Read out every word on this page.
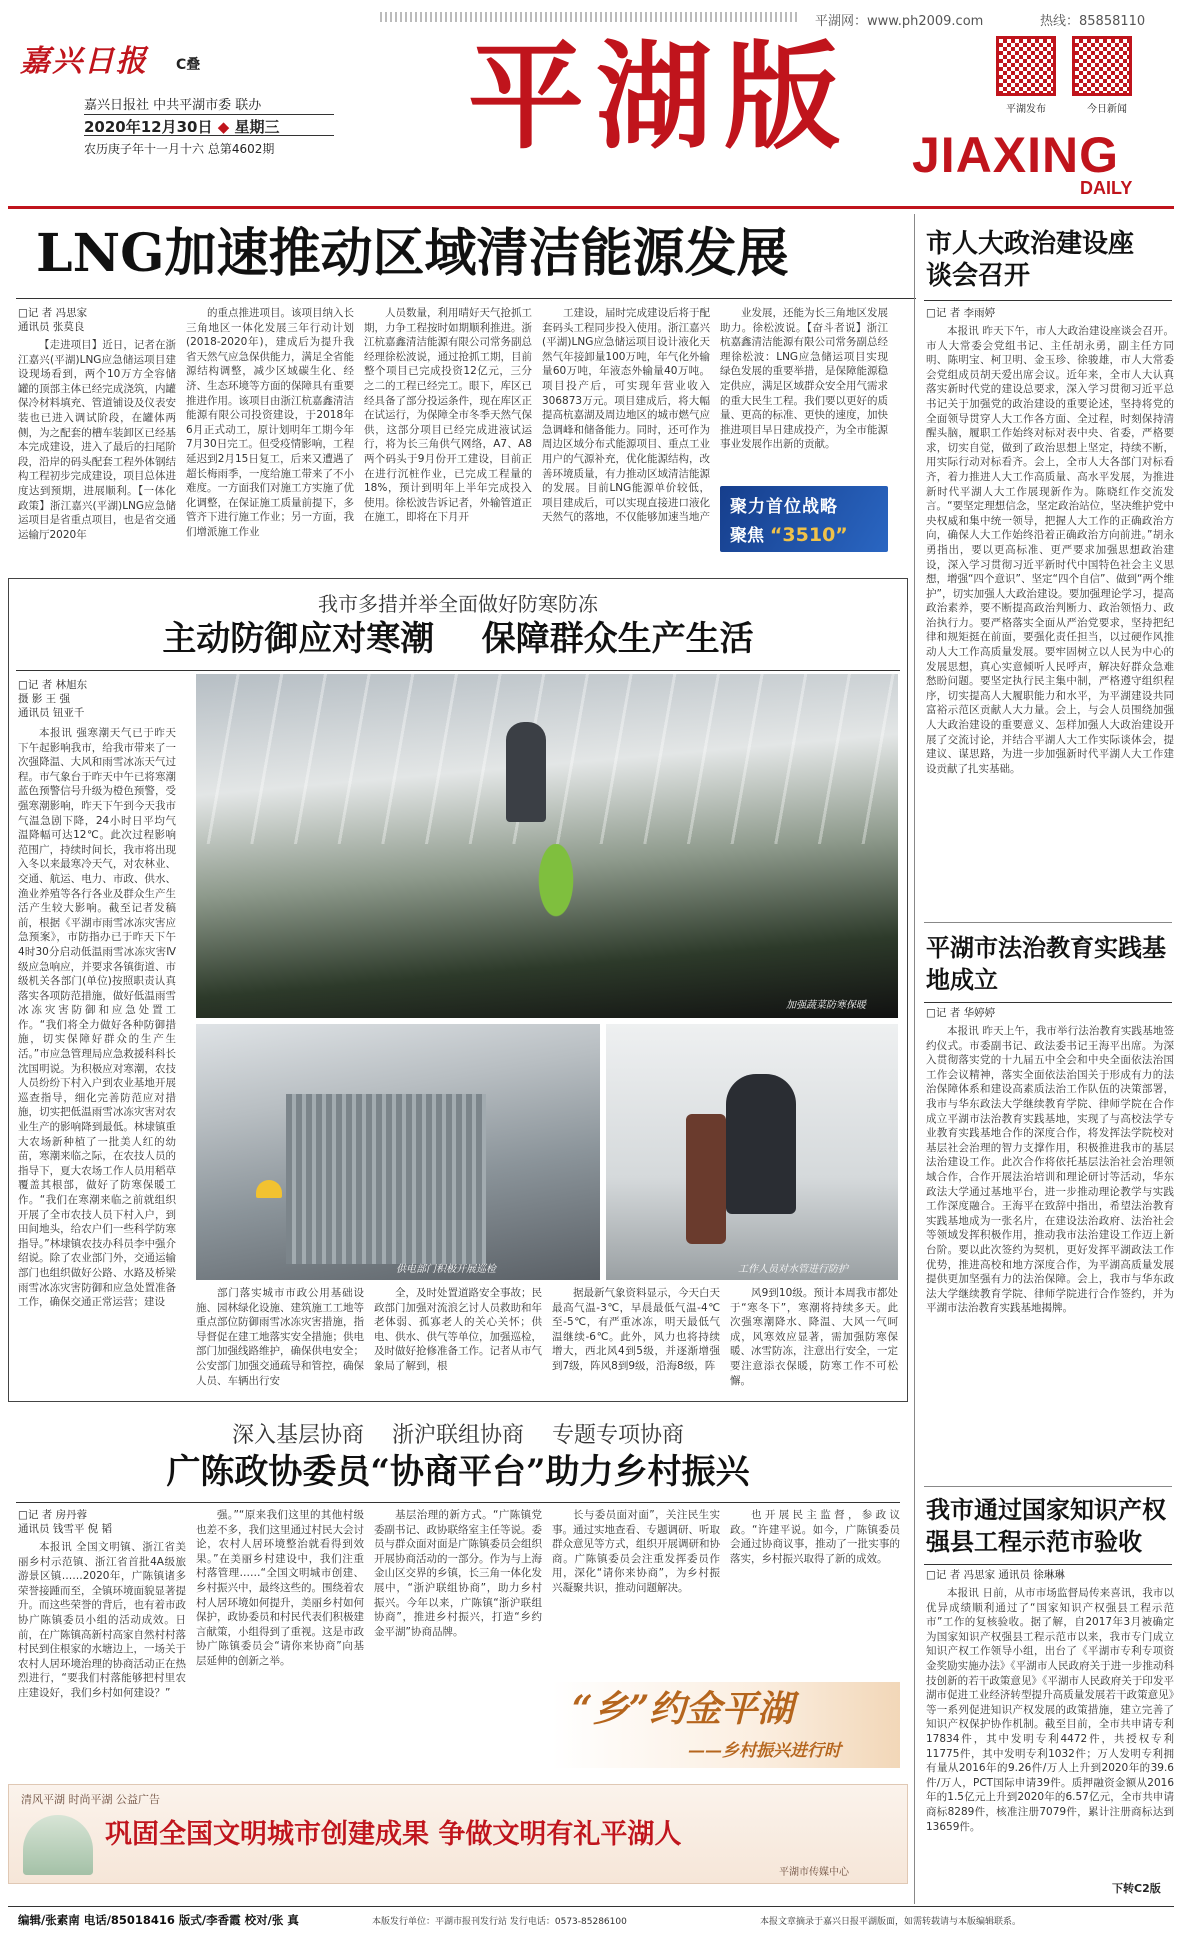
平湖网：www.ph2009.com	热线：85858110
嘉兴日报 C叠
嘉兴日报社 中共平湖市委 联办
2020年12月30日 ◆ 星期三
农历庚子年十一月十六 总第4602期 平湖版	平湖发布	今日新闻
JIAXING
DAILY
LNG加速推动区域清洁能源发展
□记 者 冯思家
通讯员 张莫良

【走进项目】近日，记者在浙江嘉兴(平湖)LNG应急储运项目建设现场看到，两个10万方全容储罐的顶部主体已经完成浇筑，内罐保冷材料填充、管道铺设及仪表安装也已进入调试阶段，在罐体两侧，为之配套的槽车装卸区已经基本完成建设，进入了最后的扫尾阶段，沿岸的码头配套工程外体钢结构工程初步完成建设，项目总体进度达到预期，进展顺利。【一体化政策】浙江嘉兴(平湖)LNG应急储运项目是省重点项目，也是省交通运输厅2020年

的重点推进项目。该项目纳入长三角地区一体化发展三年行动计划(2018-2020年)，建成后为提升我省天然气应急保供能力，满足全省能源结构调整，减少区域碳生化、经济、生态环境等方面的保障具有重要推进作用。该项目由浙江杭嘉鑫清洁能源有限公司投资建设，于2018年6月正式动工，原计划明年工期今年7月30日完工。但受疫情影响，工程延迟到2月15日复工，后来又遭遇了超长梅雨季，一度给施工带来了不小难度。一方面我们对施工方实施了优化调整，在保证施工质量前提下，多管齐下进行施工作业；另一方面，我们增派施工作业

人员数量，利用晴好天气抢抓工期，力争工程按时如期顺利推进。浙江杭嘉鑫清洁能源有限公司常务副总经理徐松波说，通过抢抓工期，目前整个项目已完成投资12亿元，三分之二的工程已经完工。眼下，库区已经具备了部分投运条件，现在库区正在试运行，为保障全市冬季天然气保供，这部分项目已经完成进液试运行，将为长三角供气网络，A7、A8两个码头于9月份开工建设，目前正在进行沉桩作业，已完成工程量的18%，预计到明年上半年完成投入使用。徐松波告诉记者，外输管道正在施工，即将在下月开

工建设，届时完成建设后将于配套码头工程同步投入使用。浙江嘉兴(平湖)LNG应急储运项目设计液化天然气年接卸量100万吨，年气化外输量60万吨，年液态外输量40万吨。项目投产后，可实现年营业收入306873万元。项目建成后，将大幅提高杭嘉湖及周边地区的城市燃气应急调峰和储备能力。同时，还可作为周边区域分布式能源项目、重点工业用户的气源补充，优化能源结构，改善环境质量，有力推动区域清洁能源的发展。目前LNG能源单价较低，项目建成后，可以实现直接进口液化天然气的落地，不仅能够加速当地产

业发展，还能为长三角地区发展助力。徐松波说。【奋斗者说】浙江杭嘉鑫清洁能源有限公司常务副总经理徐松波：LNG应急储运项目实现绿色发展的重要举措，是保障能源稳定供应，满足区域群众安全用气需求的重大民生工程。我们要以更好的质量、更高的标准、更快的速度，加快推进项目早日建成投产，为全市能源事业发展作出新的贡献。

聚力首位战略
聚焦 “3510”
市人大政治建设座谈会召开
□记 者 李雨婷

本报讯 昨天下午，市人大政治建设座谈会召开。市人大常委会党组书记、主任胡永勇，副主任方同明、陈明宝、柯卫明、金玉珍、徐骏雄，市人大常委会党组成员胡天爱出席会议。近年来，全市人大认真落实新时代党的建设总要求，深入学习贯彻习近平总书记关于加强党的政治建设的重要论述，坚持将党的全面领导贯穿人大工作各方面、全过程，时刻保持清醒头脑，履职工作始终对标对表中央、省委，严格要求，切实自觉，做到了政治思想上坚定，持续不断，用实际行动对标看齐。会上，全市人大各部门对标看齐，着力推进人大工作高质量、高水平发展，为推进新时代平湖人大工作展现新作为。陈晓红作交流发言。“要坚定理想信念，坚定政治站位，坚决维护党中央权威和集中统一领导，把握人大工作的正确政治方向，确保人大工作始终沿着正确政治方向前进。”胡永勇指出，要以更高标准、更严要求加强思想政治建设，深入学习贯彻习近平新时代中国特色社会主义思想，增强“四个意识”、坚定“四个自信”、做到“两个维护”，切实加强人大政治建设。要加强理论学习，提高政治素养，要不断提高政治判断力、政治领悟力、政治执行力。要严格落实全面从严治党要求，坚持把纪律和规矩挺在前面，要强化责任担当，以过硬作风推动人大工作高质量发展。要牢固树立以人民为中心的发展思想，真心实意倾听人民呼声，解决好群众急难愁盼问题。要坚定执行民主集中制，严格遵守组织程序，切实提高人大履职能力和水平，为平湖建设共同富裕示范区贡献人大力量。会上，与会人员围绕加强人大政治建设的重要意义、怎样加强人大政治建设开展了交流讨论，并结合平湖人大工作实际谈体会，提建议、谋思路，为进一步加强新时代平湖人大工作建设贡献了扎实基础。

平湖市法治教育实践基地成立
□记 者 华婷婷

本报讯 昨天上午，我市举行法治教育实践基地签约仪式。市委副书记、政法委书记王海平出席。为深入贯彻落实党的十九届五中全会和中央全面依法治国工作会议精神，落实全面依法治国关于形成有力的法治保障体系和建设高素质法治工作队伍的决策部署，我市与华东政法大学继续教育学院、律师学院在合作成立平湖市法治教育实践基地，实现了与高校法学专业教育实践基地合作的深度合作，将发挥法学院校对基层社会治理的智力支撑作用，积极推进我市的基层法治建设工作。此次合作将依托基层法治社会治理领域合作，合作开展法治培训和理论研讨等活动，华东政法大学通过基地平台，进一步推动理论教学与实践工作深度融合。王海平在致辞中指出，希望法治教育实践基地成为一张名片，在建设法治政府、法治社会等领域发挥积极作用，推动我市法治建设工作迈上新台阶。要以此次签约为契机，更好发挥平湖政法工作优势，推进高校和地方深度合作，为平湖高质量发展提供更加坚强有力的法治保障。会上，我市与华东政法大学继续教育学院、律师学院进行合作签约，并为平湖市法治教育实践基地揭牌。

我市通过国家知识产权强县工程示范市验收
□记 者 冯思家 通讯员 徐琳琳

本报讯 日前，从市市场监督局传来喜讯，我市以优异成绩顺利通过了“国家知识产权强县工程示范市”工作的复核验收。据了解，自2017年3月被确定为国家知识产权强县工程示范市以来，我市专门成立知识产权工作领导小组，出台了《平湖市专利专项资金奖励实施办法》《平湖市人民政府关于进一步推动科技创新的若干政策意见》《平湖市人民政府关于印发平湖市促进工业经济转型提升高质量发展若干政策意见》等一系列促进知识产权发展的政策措施，建立完善了知识产权保护协作机制。截至目前，全市共申请专利17834件，其中发明专利4472件，共授权专利11775件，其中发明专利1032件；万人发明专利拥有量从2016年的9.26件/万人上升到2020年的39.6件/万人，PCT国际申请39件。质押融资金额从2016年的1.5亿元上升到2020年的6.57亿元，全市共申请商标8289件，核准注册7079件，累计注册商标达到13659件。

下转C2版
我市多措并举全面做好防寒防冻
主动防御应对寒潮    保障群众生产生活
□记 者 林旭东
摄 影 王 强
通讯员 钮亚千

本报讯 强寒潮天气已于昨天下午起影响我市，给我市带来了一次强降温、大风和雨雪冰冻天气过程。市气象台于昨天中午已将寒潮蓝色预警信号升级为橙色预警，受强寒潮影响，昨天下午到今天我市气温急剧下降，24小时日平均气温降幅可达12℃。此次过程影响范围广，持续时间长，我市将出现入冬以来最寒冷天气，对农林业、交通、航运、电力、市政、供水、渔业养殖等各行各业及群众生产生活产生较大影响。截至记者发稿前，根据《平湖市雨雪冰冻灾害应急预案》，市防指办已于昨天下午4时30分启动低温雨雪冰冻灾害Ⅳ级应急响应，并要求各镇街道、市级机关各部门(单位)按照职责认真落实各项防范措施，做好低温雨雪冰冻灾害防御和应急处置工作。“我们将全力做好各种防御措施，切实保障好群众的生产生活。”市应急管理局应急救援科科长沈国明说。为积极应对寒潮，农技人员纷纷下村入户到农业基地开展巡查指导，细化完善防范应对措施，切实把低温雨雪冰冻灾害对农业生产的影响降到最低。林埭镇重大农场新种植了一批美人红的幼苗，寒潮来临之际，在农技人员的指导下，夏大农场工作人员用稻草覆盖其根部，做好了防寒保暖工作。“我们在寒潮来临之前就组织开展了全市农技人员下村入户，到田间地头，给农户们一些科学防寒指导。”林埭镇农技办科员李中强介绍说。除了农业部门外，交通运输部门也组织做好公路、水路及桥梁雨雪冰冻灾害防御和应急处置准备工作，确保交通正常运营；建设

加强蔬菜防寒保暖
供电部门积极开展巡检	工作人员对水管进行防护

部门落实城市市政公用基础设施、园林绿化设施、建筑施工工地等重点部位防御雨雪冰冻灾害措施，指导督促在建工地落实安全措施；供电部门加强线路维护，确保供电安全；公安部门加强交通疏导和管控，确保人员、车辆出行安

全，及时处置道路安全事故；民政部门加强对流浪乞讨人员救助和年老体弱、孤寡老人的关心关怀；供电、供水、供气等单位，加强巡检，及时做好抢修准备工作。记者从市气象局了解到，根

据最新气象资料显示，今天白天最高气温-3℃，早晨最低气温-4℃至-5℃，有严重冰冻，明天最低气温继续-6℃。此外，风力也将持续增大，西北风4到5级，并逐渐增强到7级，阵风8到9级，沿海8级，阵

风9到10级。预计本周我市都处于“寒冬下”，寒潮将持续多天。此次强寒潮降水、降温、大风一气呵成，风寒效应显著，需加强防寒保暖、冰雪防冻，注意出行安全，一定要注意添衣保暖，防寒工作不可松懈。

深入基层协商    浙沪联组协商    专题专项协商
广陈政协委员“协商平台”助力乡村振兴
□记 者 房丹蓉
通讯员 钱雪平 倪 韬

本报讯 全国文明镇、浙江省美丽乡村示范镇、浙江省首批4A级旅游景区镇……2020年，广陈镇诸多荣誉接踵而至，全镇环境面貌显著提升。而这些荣誉的背后，也有着市政协广陈镇委员小组的活动成效。日前，在广陈镇高新村高家自然村村落村民到住根家的水塘边上，一场关于农村人居环境治理的协商活动正在热烈进行，“要我们村落能够把村里农庄建设好，我们乡村如何建设？”

强。”“原来我们这里的其他村级也差不多，我们这里通过村民大会讨论，农村人居环境整治就看得到效果。”在美丽乡村建设中，我们注重村落管理……“全国文明城市创建、乡村振兴中，最终这些的。围绕着农村人居环境如何提升，美丽乡村如何保护，政协委员和村民代表们积极建言献策，小组得到了重视。这是市政协广陈镇委员会“请你来协商”向基层延伸的创新之举。

基层治理的新方式。“广陈镇党委副书记、政协联络室主任等说。委员与群众面对面是广陈镇委员会组织开展协商活动的一部分。作为与上海金山区交界的乡镇，长三角一体化发展中，“浙沪联组协商”，助力乡村振兴。今年以来，广陈镇“浙沪联组协商”，推进乡村振兴，打造“乡约金平湖”协商品牌。

长与委员面对面”，关注民生实事。通过实地查看、专题调研、听取群众意见等方式，组织开展调研和协商。广陈镇委员会注重发挥委员作用，深化“请你来协商”，为乡村振兴凝聚共识，推动问题解决。

也开展民主监督，参政议政。“许建平说。如今，广陈镇委员会通过协商议事，推动了一批实事的落实，乡村振兴取得了新的成效。

“乡”约金平湖
——乡村振兴进行时
清风平湖 时尚平湖 公益广告
巩固全国文明城市创建成果 争做文明有礼平湖人
平湖市传媒中心
编辑/张素南 电话/85018416 版式/李香霞 校对/张 真	本版发行单位：平湖市报刊发行站 发行电话：0573-85286100	本报文章摘录于嘉兴日报平湖版面，如需转载请与本版编辑联系。
